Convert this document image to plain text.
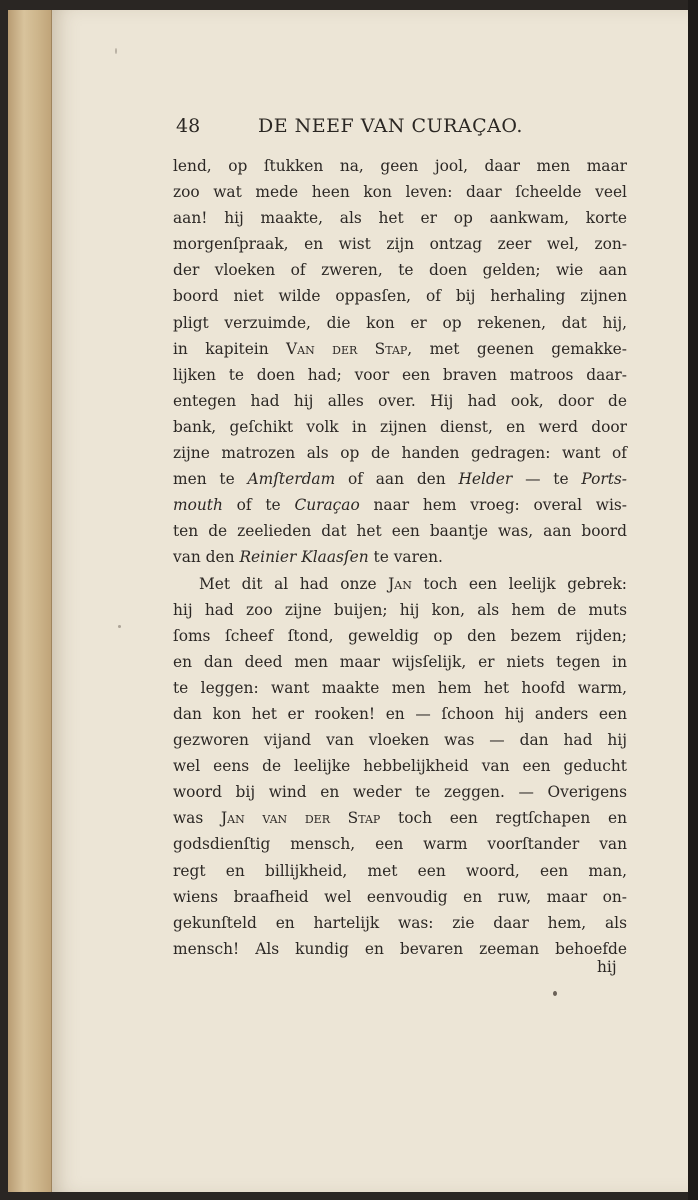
48	DE NEEF VAN CURAÇAO.
lend, op ſtukken na, geen jool, daar men maar
zoo wat mede heen kon leven: daar ſcheelde veel
aan! hij maakte, als het er op aankwam, korte
morgenſpraak, en wist zijn ontzag zeer wel, zon-
der vloeken of zweren, te doen gelden; wie aan
boord niet wilde oppasſen, of bij herhaling zijnen
pligt verzuimde, die kon er op rekenen, dat hij,
in kapitein Van der Stap, met geenen gemakke-
lijken te doen had; voor een braven matroos daar-
entegen had hij alles over. Hij had ook, door de
bank, geſchikt volk in zijnen dienst, en werd door
zijne matrozen als op de handen gedragen: want of
men te Amſterdam of aan den Helder — te Ports-
mouth of te Curaçao naar hem vroeg: overal wis-
ten de zeelieden dat het een baantje was, aan boord
van den Reinier Klaasſen te varen.
Met dit al had onze Jan toch een leelijk gebrek:
hij had zoo zijne buijen; hij kon, als hem de muts
ſoms ſcheef ſtond, geweldig op den bezem rijden;
en dan deed men maar wijsſelijk, er niets tegen in
te leggen: want maakte men hem het hoofd warm,
dan kon het er rooken! en — ſchoon hij anders een
gezworen vijand van vloeken was — dan had hij
wel eens de leelijke hebbelijkheid van een geducht
woord bij wind en weder te zeggen. — Overigens
was Jan van der Stap toch een regtſchapen en
godsdienſtig mensch, een warm voorſtander van
regt en billijkheid, met een woord, een man,
wiens braafheid wel eenvoudig en ruw, maar on-
gekunſteld en hartelijk was: zie daar hem, als
mensch! Als kundig en bevaren zeeman behoefde
hij
